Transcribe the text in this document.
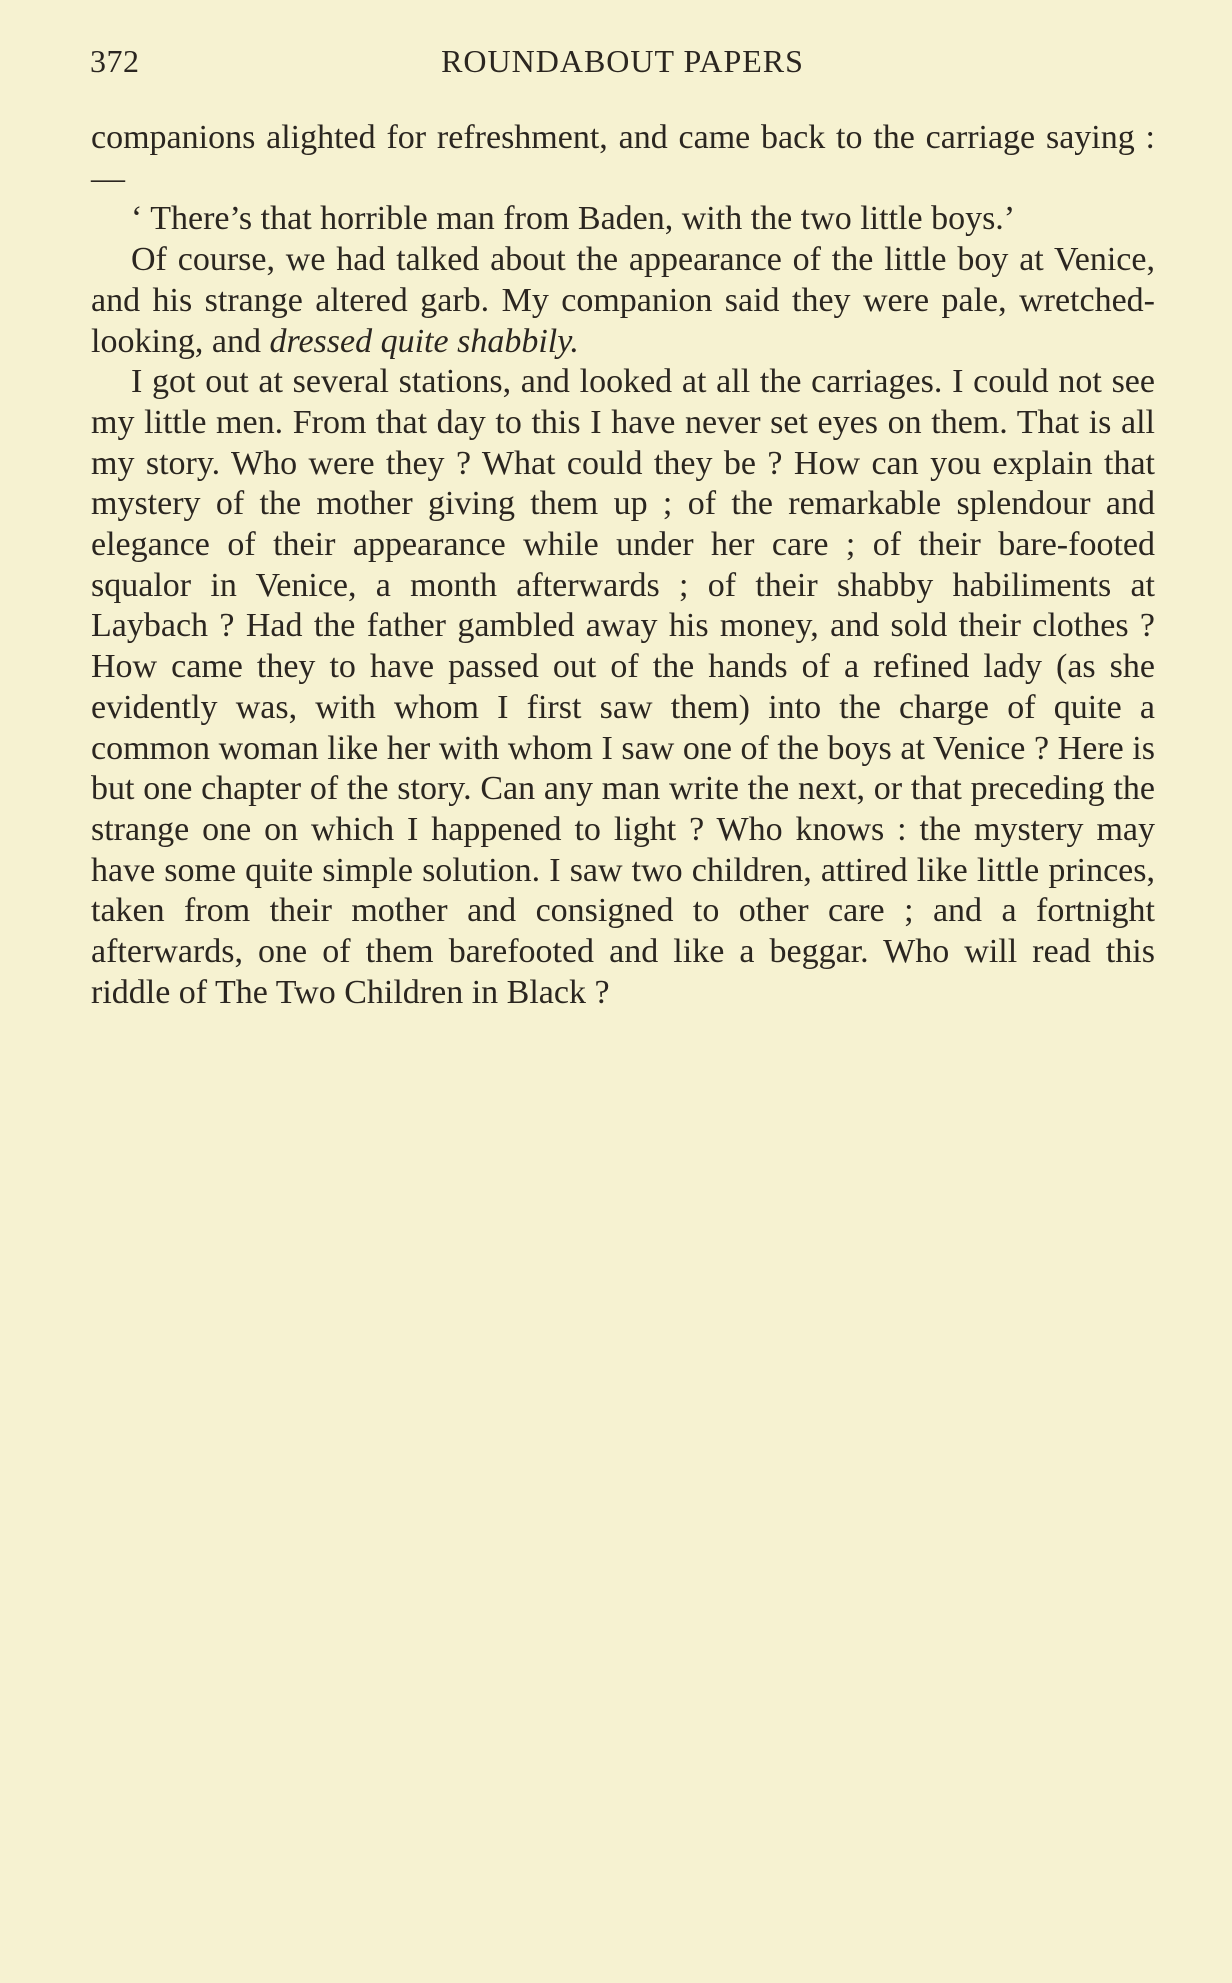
372	ROUNDABOUT PAPERS

companions alighted for refreshment, and came back to the carriage saying :—

‘ There’s that horrible man from Baden, with the two little boys.’

Of course, we had talked about the appearance of the little boy at Venice, and his strange altered garb. My companion said they were pale, wretched-looking, and dressed quite shabbily.

I got out at several stations, and looked at all the carriages. I could not see my little men. From that day to this I have never set eyes on them. That is all my story. Who were they ? What could they be ? How can you explain that mystery of the mother giving them up ; of the remarkable splendour and elegance of their appearance while under her care ; of their bare-footed squalor in Venice, a month afterwards ; of their shabby habiliments at Laybach ? Had the father gambled away his money, and sold their clothes ? How came they to have passed out of the hands of a refined lady (as she evidently was, with whom I first saw them) into the charge of quite a common woman like her with whom I saw one of the boys at Venice ? Here is but one chapter of the story. Can any man write the next, or that preceding the strange one on which I happened to light ? Who knows : the mystery may have some quite simple solution. I saw two children, attired like little princes, taken from their mother and consigned to other care ; and a fortnight afterwards, one of them barefooted and like a beggar. Who will read this riddle of The Two Children in Black ?
